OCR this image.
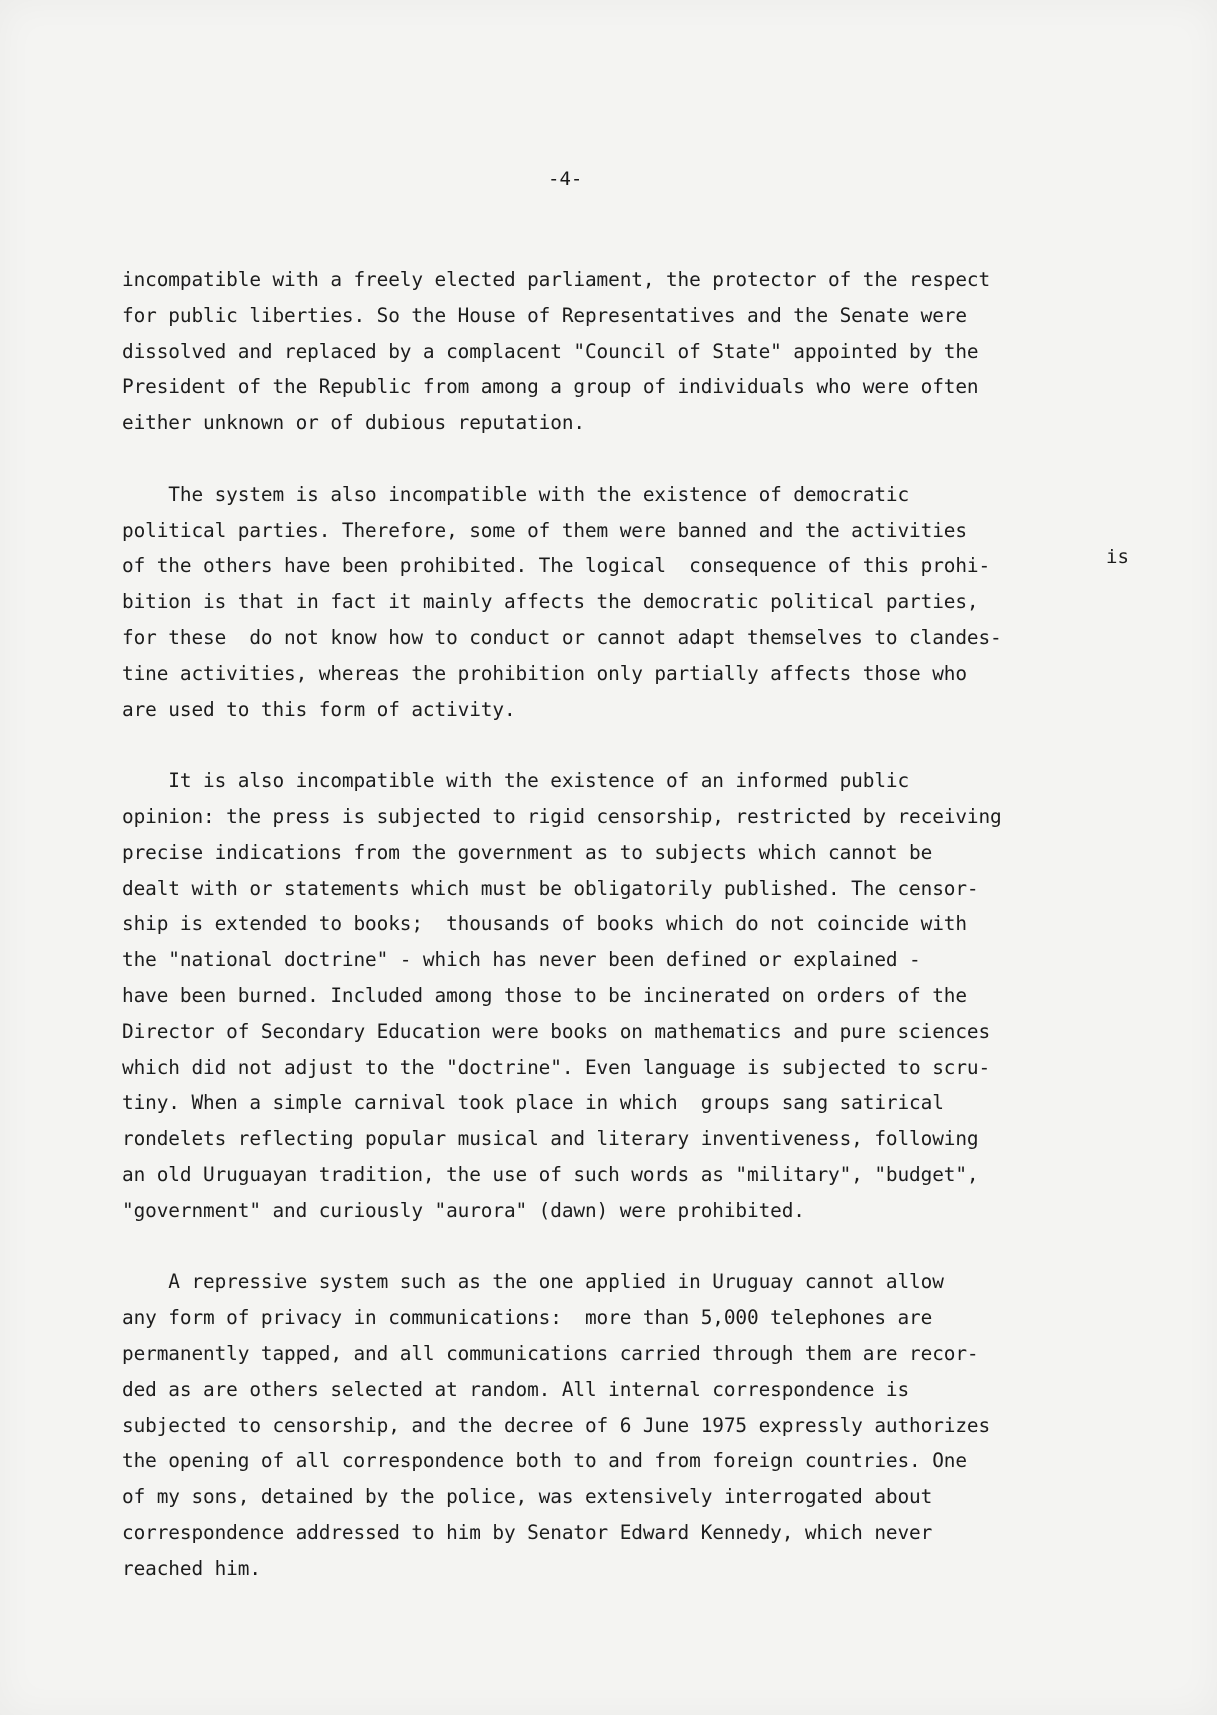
-4-

incompatible with a freely elected parliament, the protector of the respect
for public liberties. So the House of Representatives and the Senate were
dissolved and replaced by a complacent "Council of State" appointed by the
President of the Republic from among a group of individuals who were often
either unknown or of dubious reputation.

The system is also incompatible with the existence of democratic
political parties. Therefore, some of them were banned and the activities
of the others have been prohibited. The logical  consequence of this prohi-
bition is that in fact it mainly affects the democratic political parties,
for these  do not know how to conduct or cannot adapt themselves to clandes-
tine activities, whereas the prohibition only partially affects those who
are used to this form of activity.

It is also incompatible with the existence of an informed public
opinion: the press is subjected to rigid censorship, restricted by receiving
precise indications from the government as to subjects which cannot be
dealt with or statements which must be obligatorily published. The censor-
ship is extended to books;  thousands of books which do not coincide with
the "national doctrine" - which has never been defined or explained -
have been burned. Included among those to be incinerated on orders of the
Director of Secondary Education were books on mathematics and pure sciences
which did not adjust to the "doctrine". Even language is subjected to scru-
tiny. When a simple carnival took place in which  groups sang satirical
rondelets reflecting popular musical and literary inventiveness, following
an old Uruguayan tradition, the use of such words as "military", "budget",
"government" and curiously "aurora" (dawn) were prohibited.

A repressive system such as the one applied in Uruguay cannot allow
any form of privacy in communications:  more than 5,000 telephones are
permanently tapped, and all communications carried through them are recor-
ded as are others selected at random. All internal correspondence is
subjected to censorship, and the decree of 6 June 1975 expressly authorizes
the opening of all correspondence both to and from foreign countries. One
of my sons, detained by the police, was extensively interrogated about
correspondence addressed to him by Senator Edward Kennedy, which never
reached him.

is
